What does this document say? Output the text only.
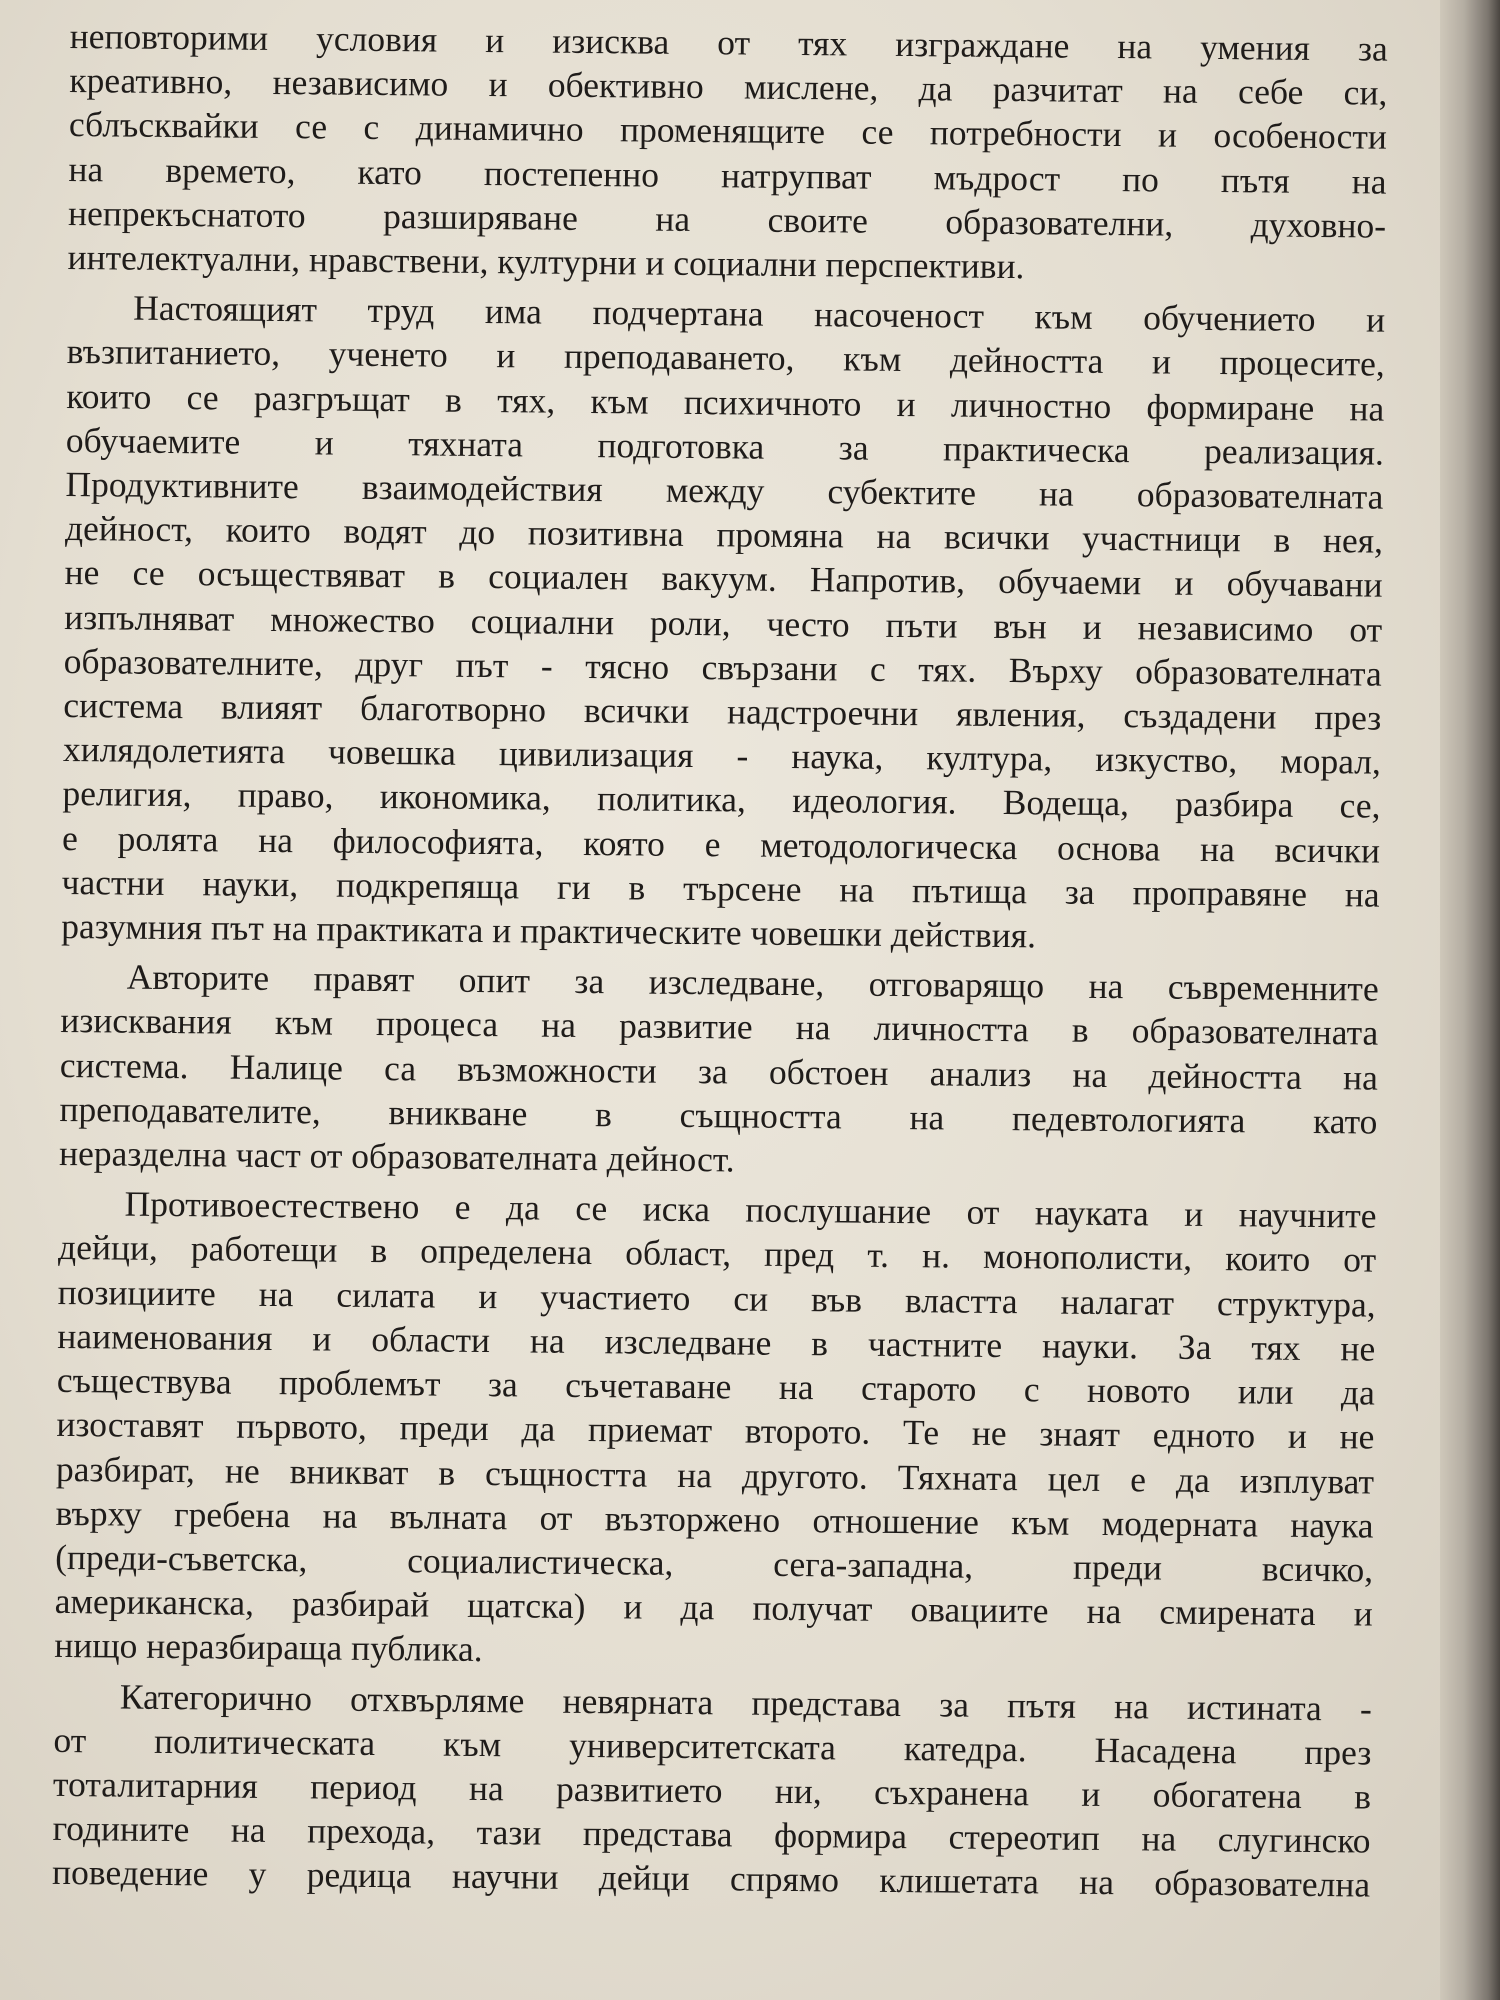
неповторими условия и изисква от тях изграждане на умения за
креативно, независимо и обективно мислене, да разчитат на себе си,
сблъсквайки се с динамично променящите се потребности и особености
на времето, като постепенно натрупват мъдрост по пътя на
непрекъснатото разширяване на своите образователни, духовно-
интелектуални, нравствени, културни и социални перспективи.
Настоящият труд има подчертана насоченост към обучението и
възпитанието, ученето и преподаването, към дейността и процесите,
които се разгръщат в тях, към психичното и личностно формиране на
обучаемите и тяхната подготовка за практическа реализация.
Продуктивните взаимодействия между субектите на образователната
дейност, които водят до позитивна промяна на всички участници в нея,
не се осъществяват в социален вакуум. Напротив, обучаеми и обучавани
изпълняват множество социални роли, често пъти вън и независимо от
образователните, друг път - тясно свързани с тях. Върху образователната
система влияят благотворно всички надстроечни явления, създадени през
хилядолетията човешка цивилизация - наука, култура, изкуство, морал,
религия, право, икономика, политика, идеология. Водеща, разбира се,
е ролята на философията, която е методологическа основа на всички
частни науки, подкрепяща ги в търсене на пътища за проправяне на
разумния път на практиката и практическите човешки действия.
Авторите правят опит за изследване, отговарящо на съвременните
изисквания към процеса на развитие на личността в образователната
система. Налице са възможности за обстоен анализ на дейността на
преподавателите, вникване в същността на педевтологията като
неразделна част от образователната дейност.
Противоестествено е да се иска послушание от науката и научните
дейци, работещи в определена област, пред т. н. монополисти, които от
позициите на силата и участието си във властта налагат структура,
наименования и области на изследване в частните науки. За тях не
съществува проблемът за съчетаване на старото с новото или да
изоставят първото, преди да приемат второто. Те не знаят едното и не
разбират, не вникват в същността на другото. Тяхната цел е да изплуват
върху гребена на вълната от възторжено отношение към модерната наука
(преди-съветска, социалистическа, сега-западна, преди всичко,
американска, разбирай щатска) и да получат овациите на смирената и
нищо неразбираща публика.
Категорично отхвърляме невярната представа за пътя на истината -
от политическата към университетската катедра. Насадена през
тоталитарния период на развитието ни, съхранена и обогатена в
годините на прехода, тази представа формира стереотип на слугинско
поведение у редица научни дейци спрямо клишетата на образователна
